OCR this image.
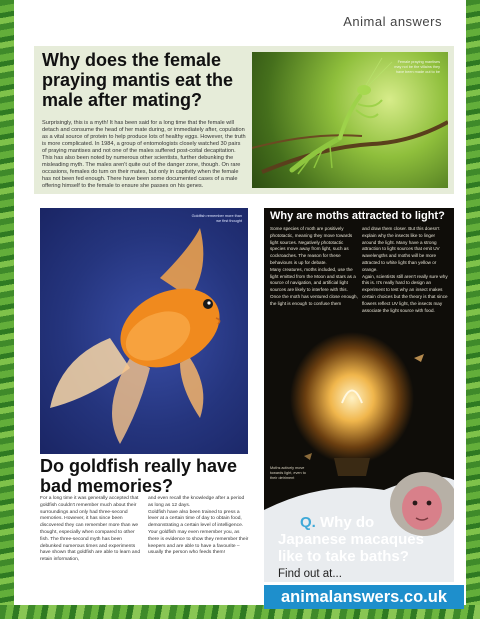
Animal answers
Why does the female praying mantis eat the male after mating?
Surprisingly, this is a myth! It has been said for a long time that the female will detach and consume the head of her mate during, or immediately after, copulation as a vital source of protein to help produce lots of healthy eggs. However, the truth is more complicated. In 1984, a group of entomologists closely watched 30 pairs of praying mantises and not one of the males suffered post-coital decapitation. This has also been noted by numerous other scientists, further debunking the misleading myth. The males aren't quite out of the danger zone, though. On rare occasions, females do turn on their mates, but only in captivity when the female has not been fed enough. There have been some documented cases of a male offering himself to the female to ensure she passes on his genes.
Female praying mantises may not be the villains they have been made out to be
Goldfish remember more than we first thought
Do goldfish really have bad memories?
For a long time it was generally accepted that goldfish couldn't remember much about their surroundings and only had three-second memories. However, it has since been discovered they can remember more than we thought, especially when compared to other fish. The three-second myth has been debunked numerous times and experiments have shown that goldfish are able to learn and retain information,
and even recall the knowledge after a period as long as 12 days.
Goldfish have also been trained to press a lever at a certain time of day to obtain food, demonstrating a certain level of intelligence. Your goldfish may even remember you, as there is evidence to show they remember their keepers and are able to have a favourite – usually the person who feeds them!
Why are moths attracted to light?
Some species of moth are positively phototactic, meaning they move towards light sources. Negatively phototactic species move away from light, such as cockroaches. The reason for these behaviours is up for debate.
Many creatures, moths included, use the light emitted from the Moon and stars as a source of navigation, and artificial light sources are likely to interfere with this. Once the moth has ventured close enough, the light is enough to confuse them
and draw them closer. But this doesn't explain why the insects like to linger around the light. Many have a strong attraction to light sources that emit UV wavelengths and moths will be more attracted to white light than yellow or orange.
Again, scientists still aren't really sure why this is. It's really hard to design an experiment to test why an insect makes certain choices but the theory is that since flowers reflect UV light, the insects may associate the light source with food.
Moths actively move towards light, even to their detriment
Q. Why do
Japanese macaques
like to take baths?
Find out at...
animalanswers.co.uk
